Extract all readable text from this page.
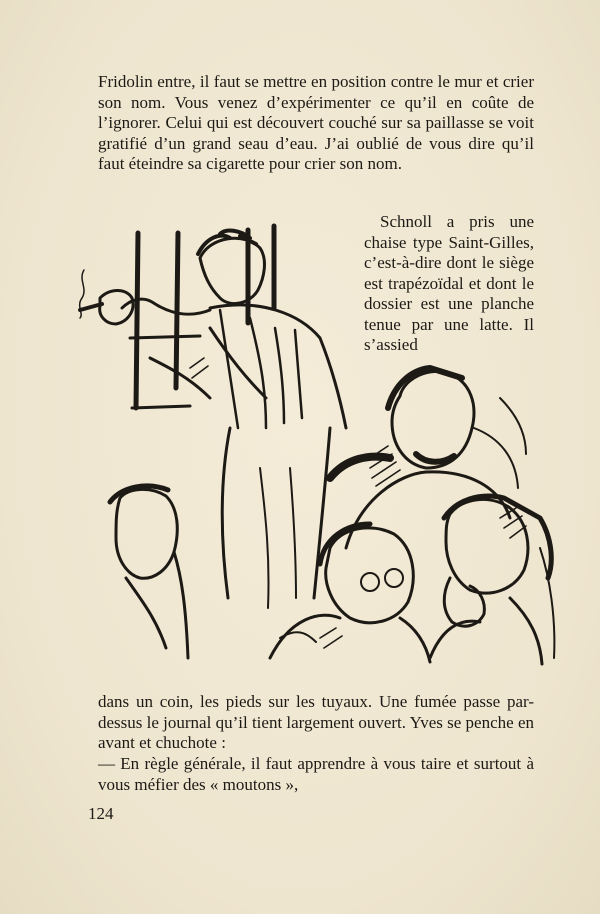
Fridolin entre, il faut se mettre en position contre le mur et crier son nom. Vous venez d’expérimenter ce qu’il en coûte de l’ignorer. Celui qui est découvert couché sur sa paillasse se voit gratifié d’un grand seau d’eau. J’ai oublié de vous dire qu’il faut éteindre sa cigarette pour crier son nom.

Schnoll a pris une chaise type Saint-Gilles, c’est-à-dire dont le siège est trapézoïdal et dont le dossier est une planche tenue par une latte. Il s’assied

dans un coin, les pieds sur les tuyaux. Une fumée passe par-dessus le journal qu’il tient largement ouvert. Yves se penche en avant et chuchote :

— En règle générale, il faut apprendre à vous taire et surtout à vous méfier des « moutons »,

124
